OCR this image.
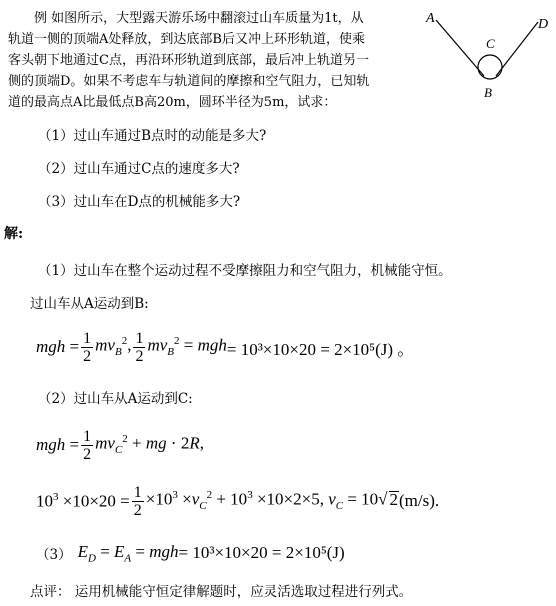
例 如图所示，大型露天游乐场中翻滚过山车质量为1t，从
轨道一侧的顶端A处释放，到达底部B后又冲上环形轨道，使乘
客头朝下地通过C点，再沿环形轨道到底部，最后冲上轨道另一
侧的顶端D。如果不考虑车与轨道间的摩擦和空气阻力，已知轨
道的最高点A比最低点B高20m，圆环半径为5m，试求：
A	D
C
B
（1）过山车通过B点时的动能是多大?
（2）过山车通过C点的速度多大?
（3）过山车在D点的机械能多大?
解:
（1）过山车在整个运动过程不受摩擦阻力和空气阻力，机械能守恒。
过山车从A运动到B:
mgh = $\frac{1}{2} mv_B^2$, $\frac{1}{2} mv_B^2$ = mgh = 10³×10×20 = 2×10⁵(J) 。
（2）过山车从A运动到C:
mgh = $\frac{1}{2} mv_C^2$ + mg · 2R,
$10^3 \times 10\times 20 = \frac{1}{2} \times 10^3 \times v_C^2 + 10^3 \times 10\times 2\times 5$, $v_C = 10√$ 2 (m/s).
（3） $E_D = E_A$ = mgh = 10³×10×20 = 2×10⁵(J)
点评： 运用机械能守恒定律解题时，应灵活选取过程进行列式。
